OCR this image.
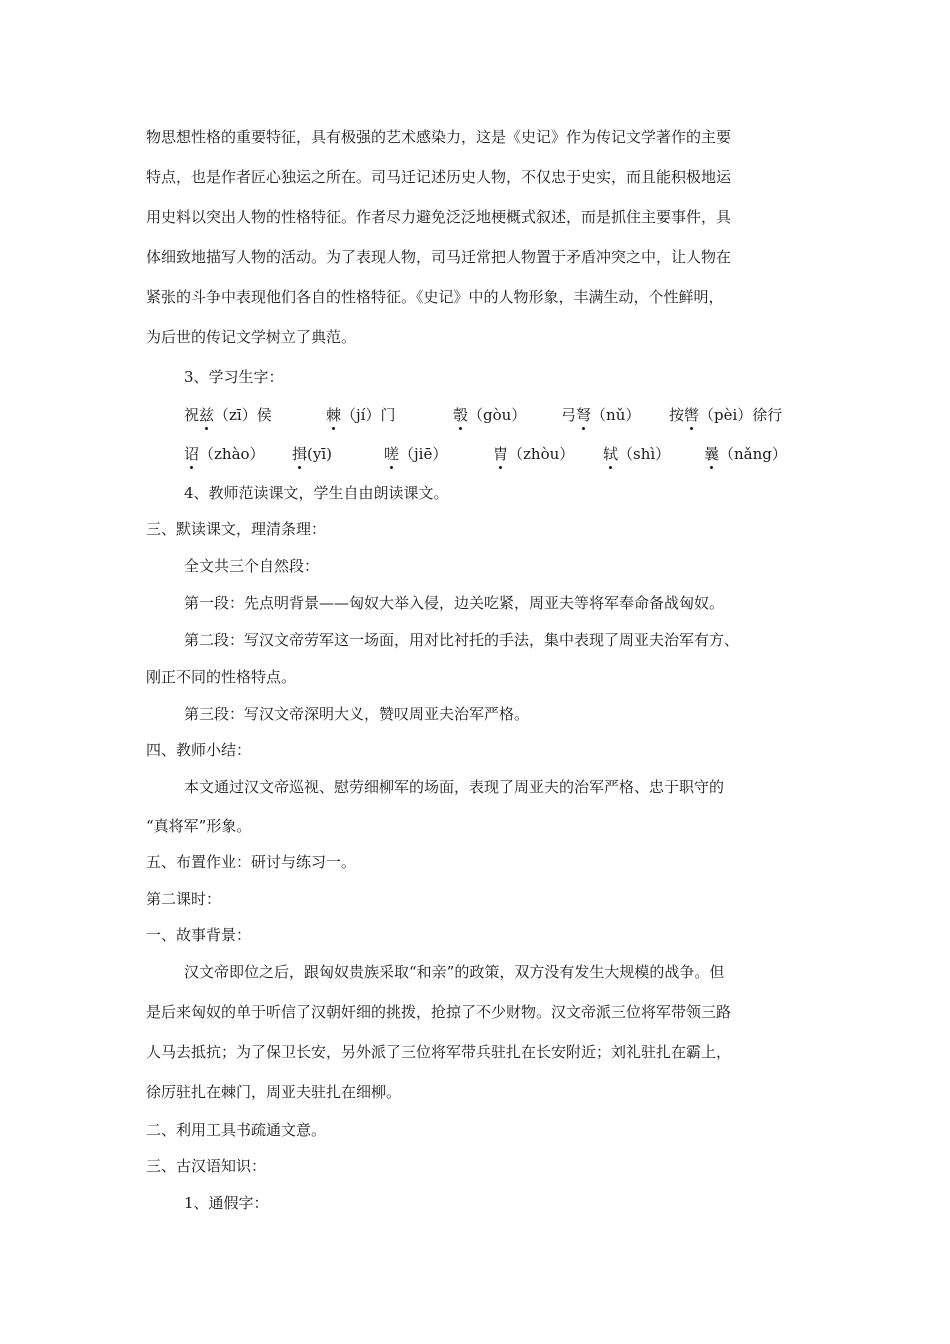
物思想性格的重要特征，具有极强的艺术感染力，这是《史记》作为传记文学著作的主要
特点，也是作者匠心独运之所在。司马迁记述历史人物，不仅忠于史实，而且能积极地运
用史料以突出人物的性格特征。作者尽力避免泛泛地梗概式叙述，而是抓住主要事件，具
体细致地描写人物的活动。为了表现人物，司马迁常把人物置于矛盾冲突之中，让人物在
紧张的斗争中表现他们各自的性格特征。《史记》中的人物形象，丰满生动，个性鲜明，
为后世的传记文学树立了典范。
3、学习生字：
祝兹（zī）侯	棘（jí）门	彀（gòu） 弓弩（nǔ） 按辔（pèi）徐行
诏（zhào） 揖(yī)	嗟（jiē）	胄（zhòu） 轼（shì） 曩（nǎng）
4、教师范读课文，学生自由朗读课文。
三、默读课文，理清条理：
全文共三个自然段：
第一段：先点明背景——匈奴大举入侵，边关吃紧，周亚夫等将军奉命备战匈奴。
第二段：写汉文帝劳军这一场面，用对比衬托的手法，集中表现了周亚夫治军有方、
刚正不同的性格特点。
第三段：写汉文帝深明大义，赞叹周亚夫治军严格。
四、教师小结：
本文通过汉文帝巡视、慰劳细柳军的场面，表现了周亚夫的治军严格、忠于职守的
“真将军”形象。
五、布置作业：研讨与练习一。
第二课时：
一、故事背景：
汉文帝即位之后，跟匈奴贵族采取“和亲”的政策，双方没有发生大规模的战争。但
是后来匈奴的单于听信了汉朝奸细的挑拨，抢掠了不少财物。汉文帝派三位将军带领三路
人马去抵抗；为了保卫长安，另外派了三位将军带兵驻扎在长安附近；刘礼驻扎在霸上，
徐厉驻扎在棘门，周亚夫驻扎在细柳。
二、利用工具书疏通文意。
三、古汉语知识：
1、通假字：
